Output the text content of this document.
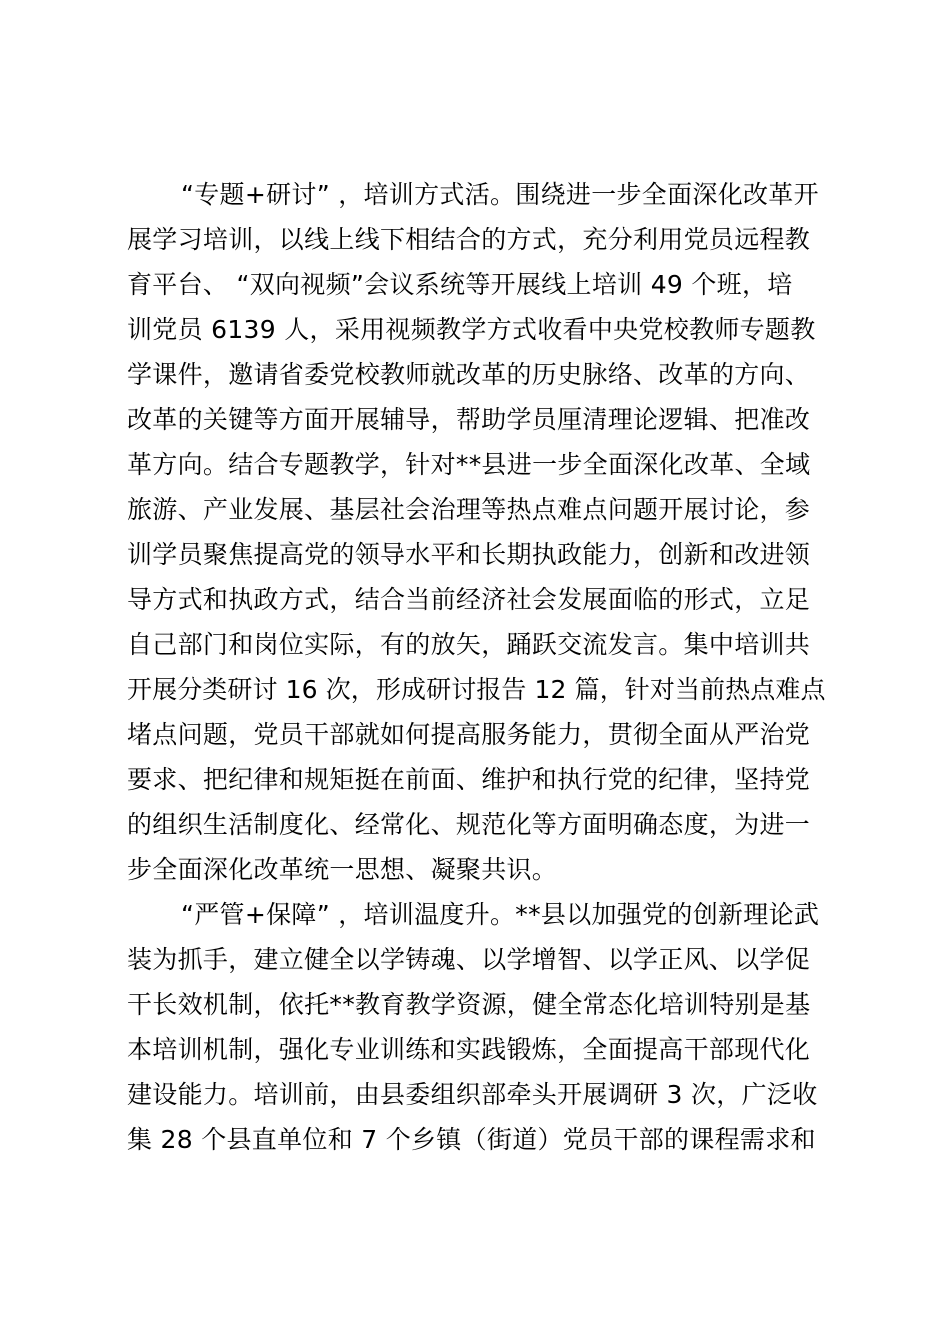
“专题+研讨” ，培训方式活。围绕进一步全面深化改革开
展学习培训，以线上线下相结合的方式，充分利用党员远程教
育平台、 “双向视频”会议系统等开展线上培训 49 个班，培
训党员 6139 人，采用视频教学方式收看中央党校教师专题教
学课件，邀请省委党校教师就改革的历史脉络、改革的方向、
改革的关键等方面开展辅导，帮助学员厘清理论逻辑、把准改
革方向。结合专题教学，针对**县进一步全面深化改革、全域
旅游、产业发展、基层社会治理等热点难点问题开展讨论，参
训学员聚焦提高党的领导水平和长期执政能力，创新和改进领
导方式和执政方式，结合当前经济社会发展面临的形式，立足
自己部门和岗位实际，有的放矢，踊跃交流发言。集中培训共
开展分类研讨 16 次，形成研讨报告 12 篇，针对当前热点难点
堵点问题，党员干部就如何提高服务能力，贯彻全面从严治党
要求、把纪律和规矩挺在前面、维护和执行党的纪律，坚持党
的组织生活制度化、经常化、规范化等方面明确态度，为进一
步全面深化改革统一思想、凝聚共识。
“严管+保障” ，培训温度升。**县以加强党的创新理论武
装为抓手，建立健全以学铸魂、以学增智、以学正风、以学促
干长效机制，依托**教育教学资源，健全常态化培训特别是基
本培训机制，强化专业训练和实践锻炼，全面提高干部现代化
建设能力。培训前，由县委组织部牵头开展调研 3 次，广泛收
集 28 个县直单位和 7 个乡镇（街道）党员干部的课程需求和
